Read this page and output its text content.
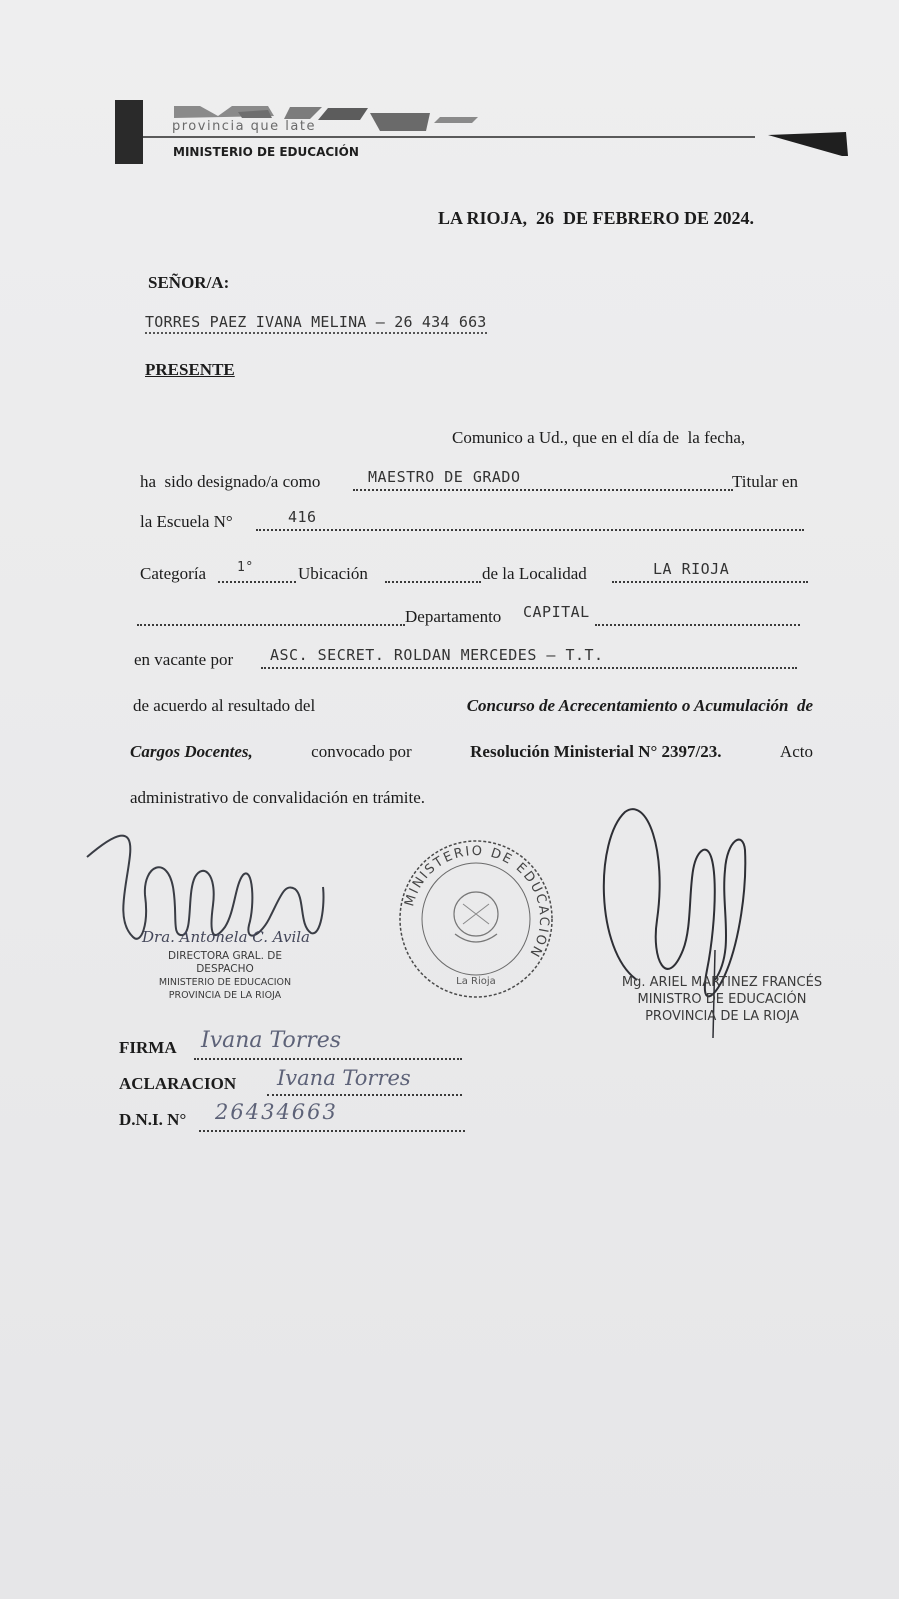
provincia que late
MINISTERIO DE EDUCACIÓN
LA RIOJA,  26  DE FEBRERO DE 2024.
SEÑOR/A:
TORRES PAEZ IVANA MELINA – 26 434 663
PRESENTE
Comunico a Ud., que en el día de  la fecha,
ha  sido designado/a como	MAESTRO DE GRADO	Titular en
la Escuela N°	416
Categoría 1°	Ubicación	de la Localidad	LA RIOJA
Departamento CAPITAL
en vacante por ASC. SECRET. ROLDAN MERCEDES – T.T.
de acuerdo al resultado del	Concurso de Acrecentamiento o Acumulación  de
Cargos Docentes,	convocado por	Resolución Ministerial N° 2397/23.	Acto
administrativo de convalidación en trámite.
Dra. Antonela C. Avila
DIRECTORA GRAL. DE DESPACHO
MINISTERIO DE EDUCACION
PROVINCIA DE LA RIOJA
MINISTERIO DE EDUCACION
La Rioja	Mg. ARIEL MARTINEZ FRANCÉS
MINISTRO DE EDUCACIÓN
PROVINCIA DE LA RIOJA
FIRMA Ivana Torres
ACLARACION Ivana Torres
D.N.I. N° 26434663
